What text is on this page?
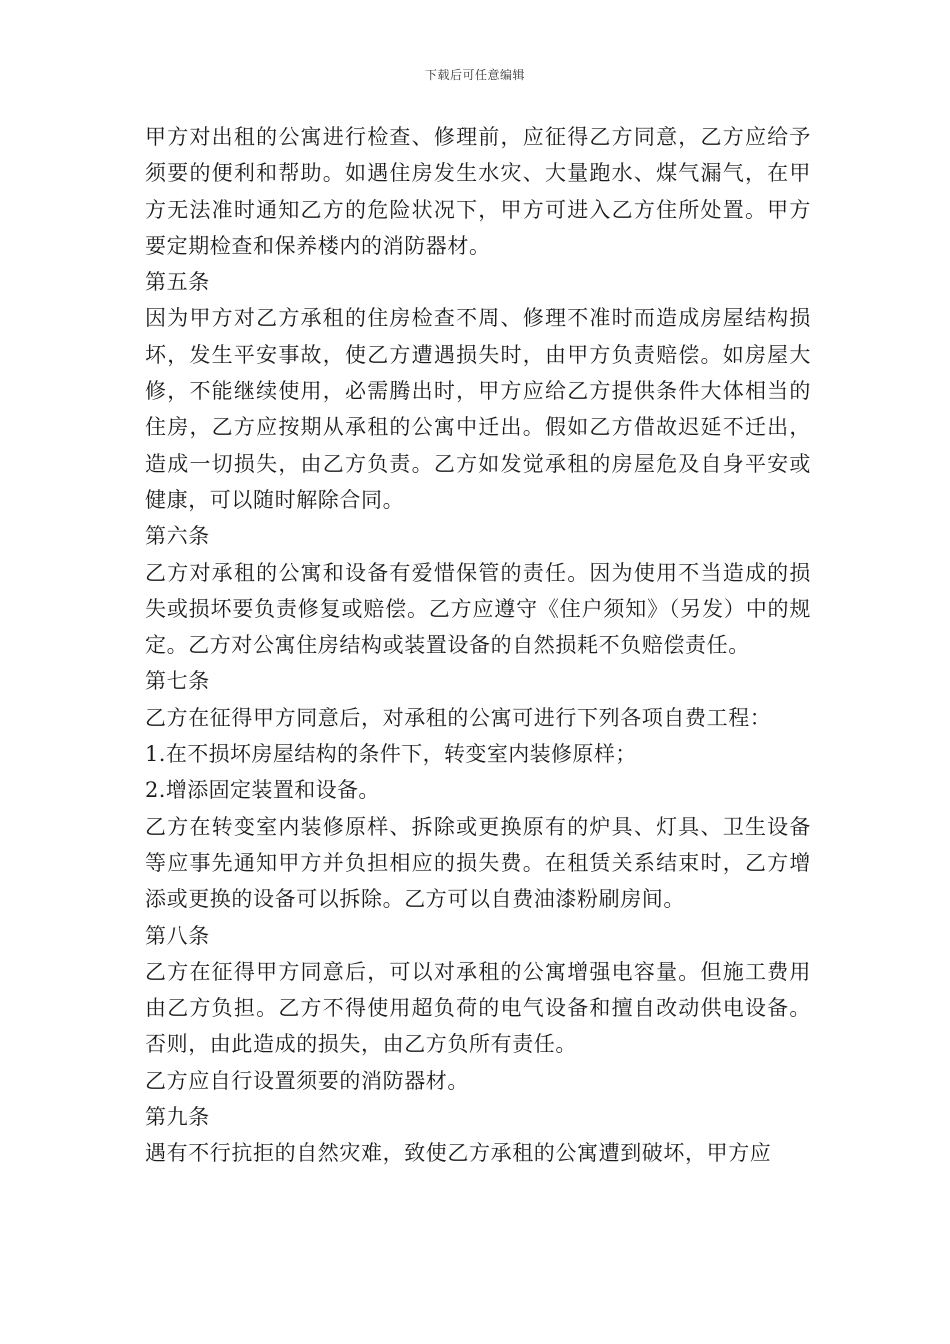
下载后可任意编辑

甲方对出租的公寓进行检查、修理前，应征得乙方同意，乙方应给予须要的便利和帮助。如遇住房发生水灾、大量跑水、煤气漏气，在甲方无法准时通知乙方的危险状况下，甲方可进入乙方住所处置。甲方要定期检查和保养楼内的消防器材。

第五条

因为甲方对乙方承租的住房检查不周、修理不准时而造成房屋结构损坏，发生平安事故，使乙方遭遇损失时，由甲方负责赔偿。如房屋大修，不能继续使用，必需腾出时，甲方应给乙方提供条件大体相当的住房，乙方应按期从承租的公寓中迁出。假如乙方借故迟延不迁出，造成一切损失，由乙方负责。乙方如发觉承租的房屋危及自身平安或健康，可以随时解除合同。

第六条

乙方对承租的公寓和设备有爱惜保管的责任。因为使用不当造成的损失或损坏要负责修复或赔偿。乙方应遵守《住户须知》（另发）中的规定。乙方对公寓住房结构或装置设备的自然损耗不负赔偿责任。

第七条

乙方在征得甲方同意后，对承租的公寓可进行下列各项自费工程：

1.在不损坏房屋结构的条件下，转变室内装修原样；

2.增添固定装置和设备。

乙方在转变室内装修原样、拆除或更换原有的炉具、灯具、卫生设备等应事先通知甲方并负担相应的损失费。在租赁关系结束时，乙方增添或更换的设备可以拆除。乙方可以自费油漆粉刷房间。

第八条

乙方在征得甲方同意后，可以对承租的公寓增强电容量。但施工费用由乙方负担。乙方不得使用超负荷的电气设备和擅自改动供电设备。否则，由此造成的损失，由乙方负所有责任。

乙方应自行设置须要的消防器材。

第九条

遇有不行抗拒的自然灾难，致使乙方承租的公寓遭到破坏，甲方应
